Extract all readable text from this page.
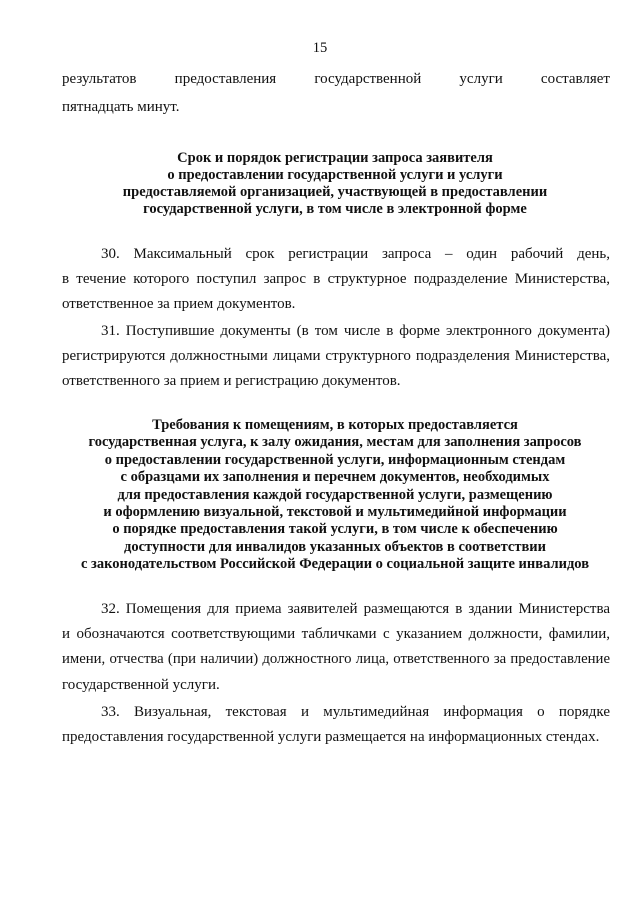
15
результатов предоставления государственной услуги составляет
пятнадцать минут.
Срок и порядок регистрации запроса заявителя
о предоставлении государственной услуги и услуги
предоставляемой организацией, участвующей в предоставлении
государственной услуги, в том числе в электронной форме
30. Максимальный срок регистрации запроса – один рабочий день,
в течение которого поступил запрос в структурное подразделение Министерства,
ответственное за прием документов.
31. Поступившие документы (в том числе в форме электронного документа)
регистрируются должностными лицами структурного подразделения Министерства,
ответственного за прием и регистрацию документов.
Требования к помещениям, в которых предоставляется
государственная услуга, к залу ожидания, местам для заполнения запросов
о предоставлении государственной услуги, информационным стендам
с образцами их заполнения и перечнем документов, необходимых
для предоставления каждой государственной услуги, размещению
и оформлению визуальной, текстовой и мультимедийной информации
о порядке предоставления такой услуги, в том числе к обеспечению
доступности для инвалидов указанных объектов в соответствии
с законодательством Российской Федерации о социальной защите инвалидов
32. Помещения для приема заявителей размещаются в здании Министерства
и обозначаются соответствующими табличками с указанием должности, фамилии,
имени, отчества (при наличии) должностного лица, ответственного за предоставление
государственной услуги.
33. Визуальная, текстовая и мультимедийная информация о порядке
предоставления государственной услуги размещается на информационных стендах.
